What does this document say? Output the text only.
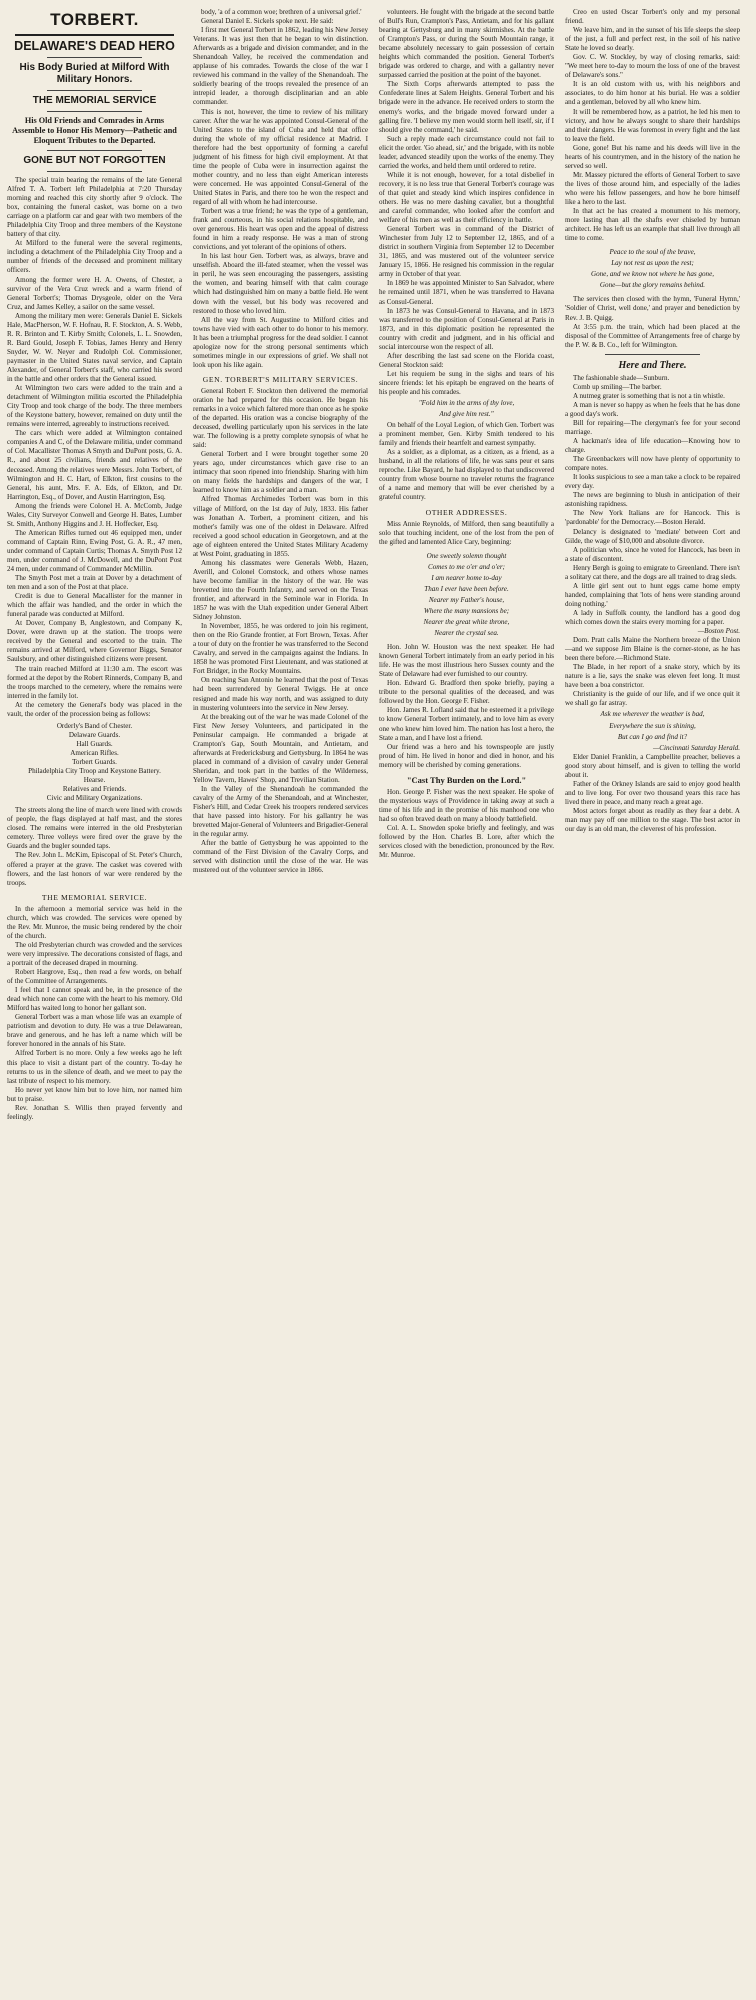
TORBERT.
DELAWARE'S DEAD HERO
His Body Buried at Milford With Military Honors.
THE MEMORIAL SERVICE
His Old Friends and Comrades in Arms Assemble to Honor His Memory—Pathetic and Eloquent Tributes to the Departed.
GONE BUT NOT FORGOTTEN

The special train bearing the remains of the late General Alfred T. A. Torbert left Philadelphia at 7:20 Thursday morning and reached this city shortly after 9 o'clock. The box, containing the funeral casket, was borne on a two carriage on a platform car and gear with two members of the Philadelphia City Troop and three members of the Keystone battery of that city.

At Milford to the funeral were the several regiments, including a detachment of the Philadelphia City Troop and a number of friends of the deceased and prominent military officers.

Among the former were H. A. Owens, of Chester, a survivor of the Vera Cruz wreck and a warm friend of General Torbert's; Thomas Drysgeole, older on the Vera Cruz, and James Kelley, a sailor on the same vessel.

Among the military men were: Generals Daniel E. Sickels Hale, MacPherson, W. F. Hofnau, R. F. Stockton, A. S. Webb, R. R. Brinton and T. Kirby Smith; Colonels, L. L. Snowden, R. Bard Gould, Joseph F. Tobias, James Henry and Henry Snyder, W. W. Neyer and Rudolph Col. Commissioner, paymaster in the United States naval service, and Captain Alexander, of General Torbert's staff, who carried his sword in the battle and other orders that the General issued.

At Wilmington two cars were added to the train and a detachment of Wilmington militia escorted the Philadelphia City Troop and took charge of the body. The three members of the Keystone battery, however, remained on duty until the remains were interred, agreeably to instructions received.

The cars which were added at Wilmington contained companies A and C, of the Delaware militia, under command of Col. Macallister Thomas A Smyth and DuPont posts, G. A. R., and about 25 civilians, friends and relatives of the deceased. Among the relatives were Messrs. John Torbert, of Wilmington and H. C. Hart, of Elkton, first cousins to the General, his aunt, Mrs. F. A. Eds, of Elkton, and Dr. Harrington, Esq., of Dover, and Austin Harrington, Esq.

Among the friends were Colonel H. A. McComb, Judge Wales, City Surveyor Conwell and George H. Bates, Lumber St. Smith, Anthony Higgins and J. H. Hoffecker, Esq.

The American Rifles turned out 46 equipped men, under command of Captain Rinn, Ewing Post, G. A. R., 47 men, under command of Captain Curtis; Thomas A. Smyth Post 12 men, under command of J. McDowell, and the DuPont Post 24 men, under command of Commander McMillin.

The Smyth Post met a train at Dover by a detachment of ten men and a son of the Post at that place.

Credit is due to General Macallister for the manner in which the affair was handled, and the order in which the funeral parade was conducted at Milford.

At Dover, Company B, Anglestown, and Company K, Dover, were drawn up at the station. The troops were received by the General and escorted to the train. The remains arrived at Milford, where Governor Biggs, Senator Saulsbury, and other distinguished citizens were present.

The train reached Milford at 11:30 a.m. The escort was formed at the depot by the Robert Rinnerds, Company B, and the troops marched to the cemetery, where the remains were interred in the family lot.

At the cemetery the General's body was placed in the vault, the order of the procession being as follows:

Orderly's Band of Chester.

Delaware Guards.

Hall Guards.

American Rifles.

Torbert Guards.

Philadelphia City Troop and Keystone Battery.

Hearse.

Relatives and Friends.

Civic and Military Organizations.

The streets along the line of march were lined with crowds of people, the flags displayed at half mast, and the stores closed. The remains were interred in the old Presbyterian cemetery. Three volleys were fired over the grave by the Guards and the bugler sounded taps.

The Rev. John L. McKim, Episcopal of St. Peter's Church, offered a prayer at the grave. The casket was covered with flowers, and the last honors of war were rendered by the troops.

THE MEMORIAL SERVICE.

In the afternoon a memorial service was held in the church, which was crowded. The services were opened by the Rev. Mr. Munroe, the music being rendered by the choir of the church.

The old Presbyterian church was crowded and the services were very impressive. The decorations consisted of flags, and a portrait of the deceased draped in mourning.

Robert Hargrove, Esq., then read a few words, on behalf of the Committee of Arrangements.

I feel that I cannot speak and be, in the presence of the dead which none can come with the heart to his memory. Old Milford has waited long to honor her gallant son.

General Torbert was a man whose life was an example of patriotism and devotion to duty. He was a true Delawarean, brave and generous, and he has left a name which will be forever honored in the annals of his State.

Alfred Torbert is no more. Only a few weeks ago he left this place to visit a distant part of the country. To-day he returns to us in the silence of death, and we meet to pay the last tribute of respect to his memory.

Ho never yet know him but to love him, nor named him but to praise.

Rev. Jonathan S. Willis then prayed fervently and feelingly.

body, 'a of a common woe; brethren of a universal grief.'

General Daniel E. Sickels spoke next. He said:

I first met General Torbert in 1862, leading his New Jersey Veterans. It was just then that he began to win distinction. Afterwards as a brigade and division commander, and in the Shenandoah Valley, he received the commendation and applause of his comrades. Towards the close of the war I reviewed his command in the valley of the Shenandoah. The soldierly bearing of the troops revealed the presence of an intrepid leader, a thorough disciplinarian and an able commander.

This is not, however, the time to review of his military career. After the war he was appointed Consul-General of the United States to the island of Cuba and held that office during the whole of my official residence at Madrid. I therefore had the best opportunity of forming a careful judgment of his fitness for high civil employment. At that time the people of Cuba were in insurrection against the mother country, and no less than eight American interests were concerned. He was appointed Consul-General of the United States in Paris, and there too he won the respect and regard of all with whom he had intercourse.

Torbert was a true friend; he was the type of a gentleman, frank and courteous, in his social relations hospitable, and over generous. His heart was open and the appeal of distress found in him a ready response. He was a man of strong convictions, and yet tolerant of the opinions of others.

In his last hour Gen. Torbert was, as always, brave and unselfish. Aboard the ill-fated steamer, when the vessel was in peril, he was seen encouraging the passengers, assisting the women, and bearing himself with that calm courage which had distinguished him on many a battle field. He went down with the vessel, but his body was recovered and restored to those who loved him.

All the way from St. Augustine to Milford cities and towns have vied with each other to do honor to his memory. It has been a triumphal progress for the dead soldier. I cannot apologize now for the strong personal sentiments which sometimes mingle in our expressions of grief. We shall not look upon his like again.

GEN. TORBERT'S MILITARY SERVICES.

General Robert F. Stockton then delivered the memorial oration he had prepared for this occasion. He began his remarks in a voice which faltered more than once as he spoke of the departed. His oration was a concise biography of the deceased, dwelling particularly upon his services in the late war. The following is a pretty complete synopsis of what he said:

General Torbert and I were brought together some 20 years ago, under circumstances which gave rise to an intimacy that soon ripened into friendship. Sharing with him on many fields the hardships and dangers of the war, I learned to know him as a soldier and a man.

Alfred Thomas Archimedes Torbert was born in this village of Milford, on the 1st day of July, 1833. His father was Jonathan A. Torbert, a prominent citizen, and his mother's family was one of the oldest in Delaware. Alfred received a good school education in Georgetown, and at the age of eighteen entered the United States Military Academy at West Point, graduating in 1855.

Among his classmates were Generals Webb, Hazen, Averill, and Colonel Comstock, and others whose names have become familiar in the history of the war. He was brevetted into the Fourth Infantry, and served on the Texas frontier, and afterward in the Seminole war in Florida. In 1857 he was with the Utah expedition under General Albert Sidney Johnston.

In November, 1855, he was ordered to join his regiment, then on the Rio Grande frontier, at Fort Brown, Texas. After a tour of duty on the frontier he was transferred to the Second Cavalry, and served in the campaigns against the Indians. In 1858 he was promoted First Lieutenant, and was stationed at Fort Bridger, in the Rocky Mountains.

On reaching San Antonio he learned that the post of Texas had been surrendered by General Twiggs. He at once resigned and made his way north, and was assigned to duty in mustering volunteers into the service in New Jersey.

At the breaking out of the war he was made Colonel of the First New Jersey Volunteers, and participated in the Peninsular campaign. He commanded a brigade at Crampton's Gap, South Mountain, and Antietam, and afterwards at Fredericksburg and Gettysburg. In 1864 he was placed in command of a division of cavalry under General Sheridan, and took part in the battles of the Wilderness, Yellow Tavern, Hawes' Shop, and Trevilian Station.

In the Valley of the Shenandoah he commanded the cavalry of the Army of the Shenandoah, and at Winchester, Fisher's Hill, and Cedar Creek his troopers rendered services that have passed into history. For his gallantry he was brevetted Major-General of Volunteers and Brigadier-General in the regular army.

After the battle of Gettysburg he was appointed to the command of the First Division of the Cavalry Corps, and served with distinction until the close of the war. He was mustered out of the volunteer service in 1866.

volunteers. He fought with the brigade at the second battle of Bull's Run, Crampton's Pass, Antietam, and for his gallant bearing at Gettysburg and in many skirmishes. At the battle of Crampton's Pass, or during the South Mountain range, it became absolutely necessary to gain possession of certain heights which commanded the position. General Torbert's brigade was ordered to charge, and with a gallantry never surpassed carried the position at the point of the bayonet.

The Sixth Corps afterwards attempted to pass the Confederate lines at Salem Heights. General Torbert and his brigade were in the advance. He received orders to storm the enemy's works, and the brigade moved forward under a galling fire. 'I believe my men would storm hell itself, sir, if I should give the command,' he said.

Such a reply made each circumstance could not fail to elicit the order. 'Go ahead, sir,' and the brigade, with its noble leader, advanced steadily upon the works of the enemy. They carried the works, and held them until ordered to retire.

While it is not enough, however, for a total disbelief in recovery, it is no less true that General Torbert's courage was of that quiet and steady kind which inspires confidence in others. He was no mere dashing cavalier, but a thoughtful and careful commander, who looked after the comfort and welfare of his men as well as their efficiency in battle.

General Torbert was in command of the District of Winchester from July 12 to September 12, 1865, and of a district in southern Virginia from September 12 to December 31, 1865, and was mustered out of the volunteer service January 15, 1866. He resigned his commission in the regular army in October of that year.

In 1869 he was appointed Minister to San Salvador, where he remained until 1871, when he was transferred to Havana as Consul-General.

In 1873 he was Consul-General to Havana, and in 1873 was transferred to the position of Consul-General at Paris in 1873, and in this diplomatic position he represented the country with credit and judgment, and in his official and social intercourse won the respect of all.

After describing the last sad scene on the Florida coast, General Stockton said:

Let his requiem be sung in the sighs and tears of his sincere friends: let his epitaph be engraved on the hearts of his people and his comrades.

"Fold him in the arms of thy love,

And give him rest."

On behalf of the Loyal Legion, of which Gen. Torbert was a prominent member, Gen. Kirby Smith tendered to his family and friends their heartfelt and earnest sympathy.

As a soldier, as a diplomat, as a citizen, as a friend, as a husband, in all the relations of life, he was sans peur et sans reproche. Like Bayard, he had displayed to that undiscovered country from whose bourne no traveler returns the fragrance of a name and memory that will be ever cherished by a grateful country.

OTHER ADDRESSES.

Miss Annie Reynolds, of Milford, then sang beautifully a solo that touching incident, one of the lost from the pen of the gifted and lamented Alice Cary, beginning:

One sweetly solemn thought

Comes to me o'er and o'er;

I am nearer home to-day

Than I ever have been before.

Nearer my Father's house,

Where the many mansions be;

Nearer the great white throne,

Nearer the crystal sea.

Hon. John W. Houston was the next speaker. He had known General Torbert intimately from an early period in his life. He was the most illustrious hero Sussex county and the State of Delaware had ever furnished to our country.

Hon. Edward G. Bradford then spoke briefly, paying a tribute to the personal qualities of the deceased, and was followed by the Hon. George F. Fisher.

Hon. James R. Lofland said that he esteemed it a privilege to know General Torbert intimately, and to love him as every one who knew him loved him. The nation has lost a hero, the State a man, and I have lost a friend.

Our friend was a hero and his townspeople are justly proud of him. He lived in honor and died in honor, and his memory will be cherished by coming generations.

"Cast Thy Burden on the Lord."

Hon. George P. Fisher was the next speaker. He spoke of the mysterious ways of Providence in taking away at such a time of his life and in the promise of his manhood one who had so often braved death on many a bloody battlefield.

Col. A. L. Snowden spoke briefly and feelingly, and was followed by the Hon. Charles B. Lore, after which the services closed with the benediction, pronounced by the Rev. Mr. Munroe.

Creo en usted Oscar Torbert's only and my personal friend.

We leave him, and in the sunset of his life sleeps the sleep of the just, a full and perfect rest, in the soil of his native State he loved so dearly.

Gov. C. W. Stockley, by way of closing remarks, said: "We meet here to-day to mourn the loss of one of the bravest of Delaware's sons."

It is an old custom with us, with his neighbors and associates, to do him honor at his burial. He was a soldier and a gentleman, beloved by all who knew him.

It will be remembered how, as a patriot, he led his men to victory, and how he always sought to share their hardships and their dangers. He was foremost in every fight and the last to leave the field.

Gone, gone! But his name and his deeds will live in the hearts of his countrymen, and in the history of the nation he served so well.

Mr. Massey pictured the efforts of General Torbert to save the lives of those around him, and especially of the ladies who were his fellow passengers, and how he bore himself like a hero to the last.

In that act he has created a monument to his memory, more lasting than all the shafts ever chiseled by human architect. He has left us an example that shall live through all time to come.

Peace to the soul of the brave,

Lay not rest as upon the rest;

Gone, and we know not where he has gone,

Gone—but the glory remains behind.

The services then closed with the hymn, 'Funeral Hymn,' 'Soldier of Christ, well done,' and prayer and benediction by Rev. J. B. Quigg.

At 3:55 p.m. the train, which had been placed at the disposal of the Committee of Arrangements free of charge by the P. W. & B. Co., left for Wilmington.

Here and There.

The fashionable shade—Sunburn.

Comb up smiling—The barber.

A nutmeg grater is something that is not a tin whistle.

A man is never so happy as when he feels that he has done a good day's work.

Bill for repairing—The clergyman's fee for your second marriage.

A hackman's idea of life education—Knowing how to charge.

The Greenbackers will now have plenty of opportunity to compare notes.

It looks suspicious to see a man take a clock to be repaired every day.

The news are beginning to blush in anticipation of their astonishing rapidness.

The New York Italians are for Hancock. This is 'pardonable' for the Democracy.—Boston Herald.

Delancy is designated to 'mediate' between Cort and Gilde, the wage of $10,000 and absolute divorce.

A politician who, since he voted for Hancock, has been in a state of discontent.

Henry Bergh is going to emigrate to Greenland. There isn't a solitary cat there, and the dogs are all trained to drag sleds.

A little girl sent out to hunt eggs came home empty handed, complaining that 'lots of hens were standing around doing nothing.'

A lady in Suffolk county, the landlord has a good dog which comes down the stairs every morning for a paper.

—Boston Post.

Dom. Pratt calls Maine the Northern breeze of the Union—and we suppose Jim Blaine is the corner-stone, as he has been there before.—Richmond State.

The Blade, in her report of a snake story, which by its nature is a lie, says the snake was eleven feet long. It must have been a boa constrictor.

Christianity is the guide of our life, and if we once quit it we shall go far astray.

Ask me wherever the weather is bad,

Everywhere the sun is shining,

But can I go and find it?

—Cincinnati Saturday Herald.

Elder Daniel Franklin, a Campbellite preacher, believes a good story about himself, and is given to telling the world about it.

Father of the Orkney Islands are said to enjoy good health and to live long. For over two thousand years this race has lived there in peace, and many reach a great age.

Most actors forget about as readily as they fear a debt. A man may pay off one million to the stage. The best actor in our day is an old man, the cleverest of his profession.
